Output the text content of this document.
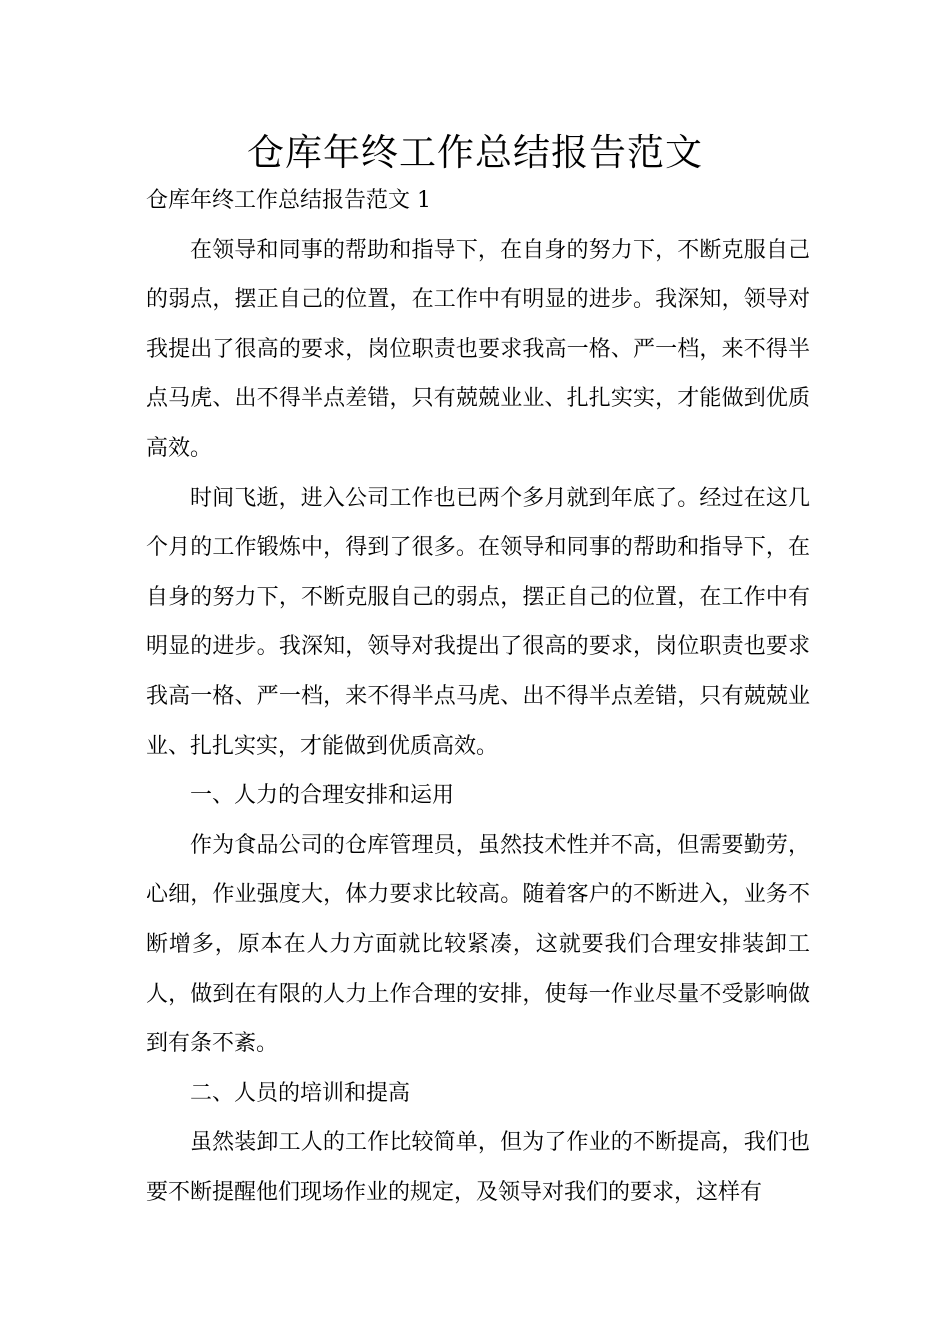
仓库年终工作总结报告范文

仓库年终工作总结报告范文 1

在领导和同事的帮助和指导下，在自身的努力下，不断克服自己的弱点，摆正自己的位置，在工作中有明显的进步。我深知，领导对我提出了很高的要求，岗位职责也要求我高一格、严一档，来不得半点马虎、出不得半点差错，只有兢兢业业、扎扎实实，才能做到优质高效。

时间飞逝，进入公司工作也已两个多月就到年底了。经过在这几个月的工作锻炼中，得到了很多。在领导和同事的帮助和指导下，在自身的努力下，不断克服自己的弱点，摆正自己的位置，在工作中有明显的进步。我深知，领导对我提出了很高的要求，岗位职责也要求我高一格、严一档，来不得半点马虎、出不得半点差错，只有兢兢业业、扎扎实实，才能做到优质高效。

一、人力的合理安排和运用

作为食品公司的仓库管理员，虽然技术性并不高，但需要勤劳，心细，作业强度大，体力要求比较高。随着客户的不断进入，业务不断增多，原本在人力方面就比较紧凑，这就要我们合理安排装卸工人，做到在有限的人力上作合理的安排，使每一作业尽量不受影响做到有条不紊。

二、人员的培训和提高

虽然装卸工人的工作比较简单，但为了作业的不断提高，我们也要不断提醒他们现场作业的规定，及领导对我们的要求，这样有
